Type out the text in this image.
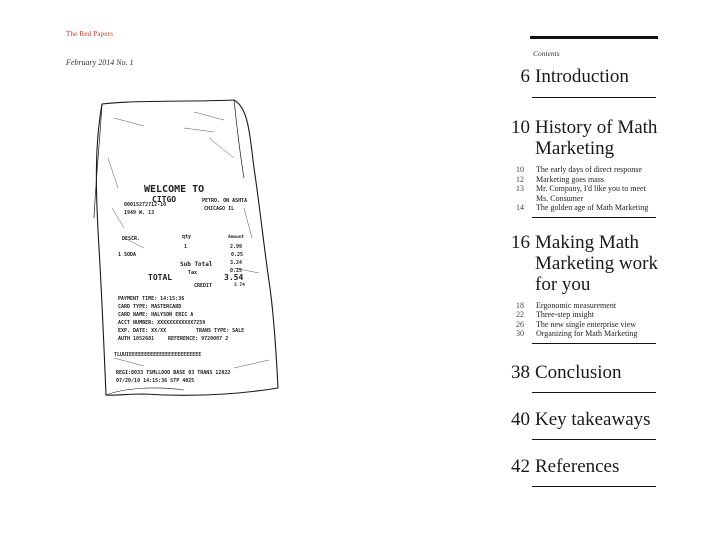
The Red Papers
February 2014 No. 1
WELCOME TO
CITGO
00015272712-10
1949 W. 13
PETRO. ON ASHTA
CHICAGO IL
DESCR.	qty	Amount
1 SODA
1	2.99
0.25
Sub Total	3.24
Tax	0.25
TOTAL	3.54
CREDIT	3.74
PAYMENT TIME: 14:15:36
CARD TYPE: MASTERCARD
CARD NAME: HALYSON ERIC A
ACCT NUMBER: XXXXXXXXXXXX7259
EXP. DATE: XX/XX	TRANS TYPE: SALE
AUTH 1052681	REFERENCE: 9720007 2
TLUUIEEEEEEEEEEEEEEEEEEEEEEEE
REGI:8033 TSMLLOOO BASE 03 TRANS 12022
07/20/10 14:15:36 STP 4025
Contents
6 Introduction
10 History of Math Marketing
10	The early days of direct response
12	Marketing goes mass
13	Mr. Company, I'd like you to meet Ms. Consumer
14	The golden age of Math Marketing
16 Making Math Marketing work for you
18	Ergonomic measurement
22	Three-step insight
26	The new single enterprise view
30	Organizing for Math Marketing
38 Conclusion
40 Key takeaways
42 References
